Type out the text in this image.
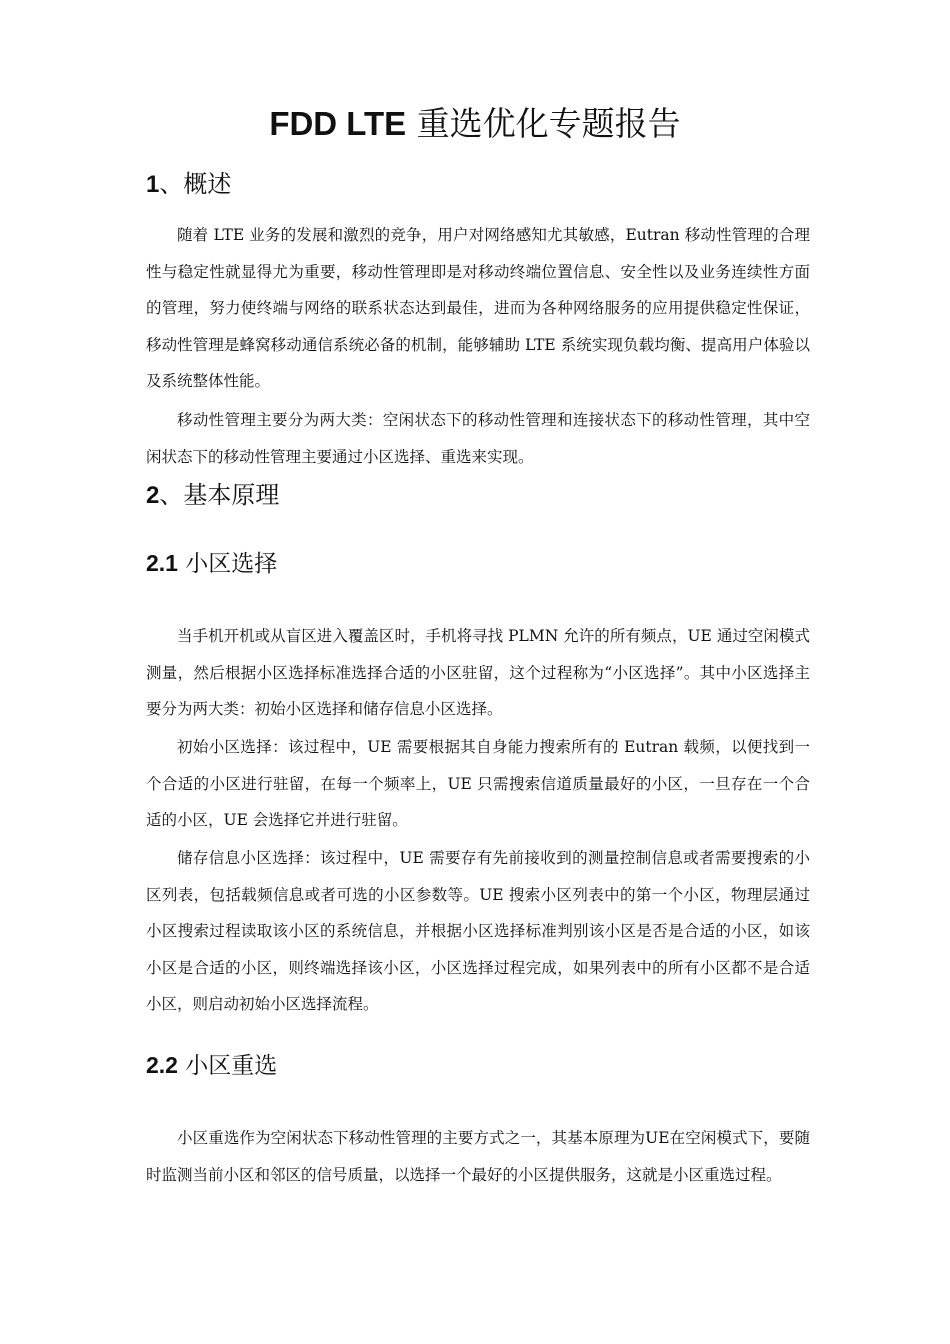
FDD LTE 重选优化专题报告
1、概述

随着 LTE 业务的发展和激烈的竞争，用户对网络感知尤其敏感，Eutran 移动性管理的合理性与稳定性就显得尤为重要，移动性管理即是对移动终端位置信息、安全性以及业务连续性方面的管理，努力使终端与网络的联系状态达到最佳，进而为各种网络服务的应用提供稳定性保证，移动性管理是蜂窝移动通信系统必备的机制，能够辅助 LTE 系统实现负载均衡、提高用户体验以及系统整体性能。

移动性管理主要分为两大类：空闲状态下的移动性管理和连接状态下的移动性管理，其中空闲状态下的移动性管理主要通过小区选择、重选来实现。

2、基本原理
2.1 小区选择

当手机开机或从盲区进入覆盖区时，手机将寻找 PLMN 允许的所有频点，UE 通过空闲模式测量，然后根据小区选择标准选择合适的小区驻留，这个过程称为“小区选择”。其中小区选择主要分为两大类：初始小区选择和储存信息小区选择。

初始小区选择：该过程中，UE 需要根据其自身能力搜索所有的 Eutran 载频，以便找到一个合适的小区进行驻留，在每一个频率上，UE 只需搜索信道质量最好的小区，一旦存在一个合适的小区，UE 会选择它并进行驻留。

储存信息小区选择：该过程中，UE 需要存有先前接收到的测量控制信息或者需要搜索的小区列表，包括载频信息或者可选的小区参数等。UE 搜索小区列表中的第一个小区，物理层通过小区搜索过程读取该小区的系统信息，并根据小区选择标准判别该小区是否是合适的小区，如该小区是合适的小区，则终端选择该小区，小区选择过程完成，如果列表中的所有小区都不是合适小区，则启动初始小区选择流程。

2.2 小区重选

小区重选作为空闲状态下移动性管理的主要方式之一，其基本原理为UE在空闲模式下，要随时监测当前小区和邻区的信号质量，以选择一个最好的小区提供服务，这就是小区重选过程。
